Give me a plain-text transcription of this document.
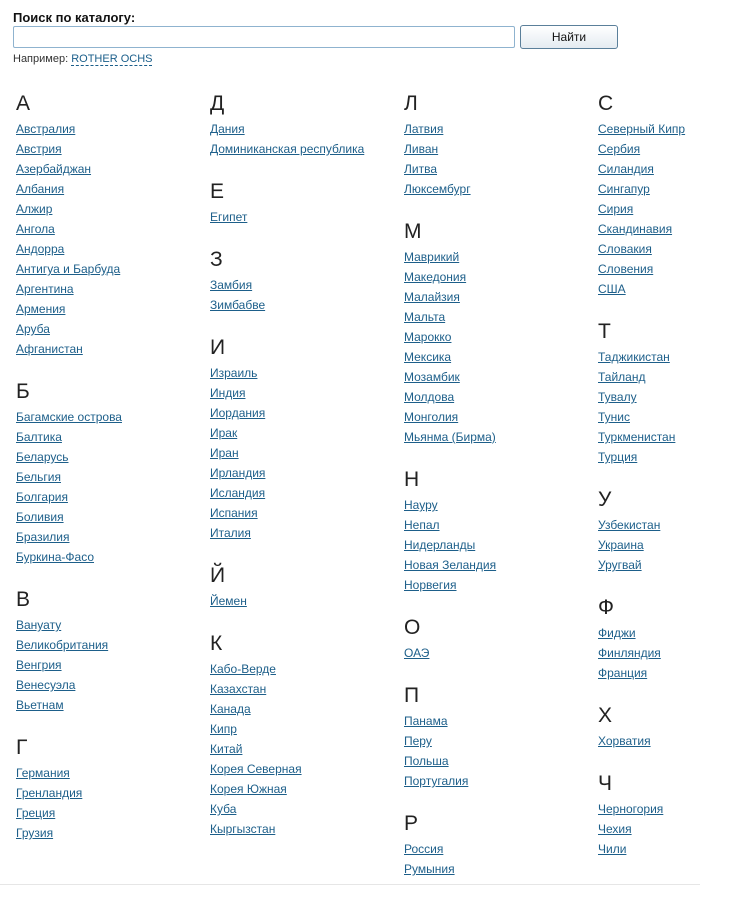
Поиск по каталогу:
Найти
Например: ROTHER OCHS
А
Австралия
Австрия
Азербайджан
Албания
Алжир
Ангола
Андорра
Антигуа и Барбуда
Аргентина
Армения
Аруба
Афганистан
Б
Багамские острова
Балтика
Беларусь
Бельгия
Болгария
Боливия
Бразилия
Буркина-Фасо
В
Вануату
Великобритания
Венгрия
Венесуэла
Вьетнам
Г
Германия
Гренландия
Греция
Грузия
Д
Дания
Доминиканская республика
Е
Египет
З
Замбия
Зимбабве
И
Израиль
Индия
Иордания
Ирак
Иран
Ирландия
Исландия
Испания
Италия
Й
Йемен
К
Кабо-Верде
Казахстан
Канада
Кипр
Китай
Корея Северная
Корея Южная
Куба
Кыргызстан
Л
Латвия
Ливан
Литва
Люксембург
М
Маврикий
Македония
Малайзия
Мальта
Марокко
Мексика
Мозамбик
Молдова
Монголия
Мьянма (Бирма)
Н
Науру
Непал
Нидерланды
Новая Зеландия
Норвегия
О
ОАЭ
П
Панама
Перу
Польша
Португалия
Р
Россия
Румыния
С
Северный Кипр
Сербия
Силандия
Сингапур
Сирия
Скандинавия
Словакия
Словения
США
Т
Таджикистан
Тайланд
Тувалу
Тунис
Туркменистан
Турция
У
Узбекистан
Украина
Уругвай
Ф
Фиджи
Финляндия
Франция
Х
Хорватия
Ч
Черногория
Чехия
Чили
